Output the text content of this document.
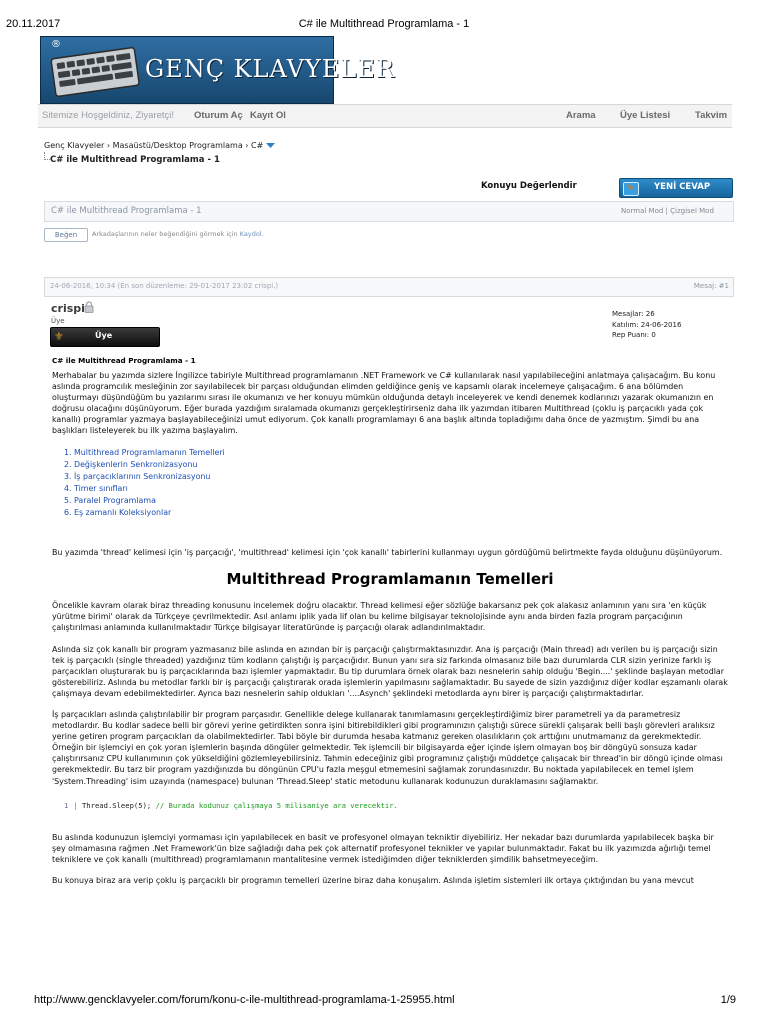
20.11.2017	C# ile Multithread Programlama - 1
®
GENÇ KLAVYELER
Sitemize Hoşgeldiniz, Ziyaretçi! Oturum Aç Kayıt Ol	Arama	Üye Listesi	Takvim
Genç Klavyeler › Masaüstü/Desktop Programlama › C#
C# ile Multithread Programlama - 1
Konuyu Değerlendir	✎	YENİ CEVAP
C# ile Multithread Programlama - 1	Normal Mod | Çizgisel Mod
Beğen	Arkadaşlarının neler beğendiğini görmek için Kaydol.
24-06-2016, 10:34 (En son düzenleme: 29-01-2017 23:02 crispi.)	Mesaj: #1
crispi
Üye
⚜	Üye
Mesajlar: 26
Katılım: 24-06-2016
Rep Puanı: 0

C# ile Multithread Programlama - 1

Merhabalar bu yazımda sizlere İngilizce tabiriyle Multithread programlamanın .NET Framework ve C# kullanılarak nasıl yapılabileceğini anlatmaya çalışacağım. Bu konu aslında programcılık mesleğinin zor sayılabilecek bir parçası olduğundan elimden geldiğince geniş ve kapsamlı olarak incelemeye çalışacağım. 6 ana bölümden oluşturmayı düşündüğüm bu yazılarımı sırası ile okumanızı ve her konuyu mümkün olduğunda detaylı inceleyerek ve kendi denemek kodlarınızı yazarak okumanızın en doğrusu olacağını düşünüyorum. Eğer burada yazdığım sıralamada okumanızı gerçekleştirirseniz daha ilk yazımdan itibaren Multithread (çoklu iş parçacıklı yada çok kanallı) programlar yazmaya başlayabileceğinizi umut ediyorum. Çok kanallı programlamayı 6 ana başlık altında topladığımı daha önce de yazmıştım. Şimdi bu ana başlıkları listeleyerek bu ilk yazıma başlayalım.

1. Multithread Programlamanın Temelleri
2. Değişkenlerin Senkronizasyonu
3. İş parçacıklarının Senkronizasyonu
4. Timer sınıfları
5. Paralel Programlama
6. Eş zamanlı Koleksiyonlar

Bu yazımda 'thread' kelimesi için 'iş parçacığı', 'multithread' kelimesi için 'çok kanallı' tabirlerini kullanmayı uygun gördüğümü belirtmekte fayda olduğunu düşünüyorum.

Multithread Programlamanın Temelleri

Öncelikle kavram olarak biraz threading konusunu incelemek doğru olacaktır. Thread kelimesi eğer sözlüğe bakarsanız pek çok alakasız anlamının yanı sıra 'en küçük yürütme birimi' olarak da Türkçeye çevrilmektedir. Asıl anlamı iplik yada lif olan bu kelime bilgisayar teknolojisinde aynı anda birden fazla program parçacığının çalıştırılması anlamında kullanılmaktadır Türkçe bilgisayar literatüründe iş parçacığı olarak adlandırılmaktadır.

Aslında siz çok kanallı bir program yazmasanız bile aslında en azından bir iş parçacığı çalıştırmaktasınızdır. Ana iş parçacığı (Main thread) adı verilen bu iş parçacığı sizin tek iş parçacıklı (single threaded) yazdığınız tüm kodların çalıştığı iş parçacığıdır. Bunun yanı sıra siz farkında olmasanız bile bazı durumlarda CLR sizin yerinize farklı iş parçacıkları oluşturarak bu iş parçacıklarında bazı işlemler yapmaktadır. Bu tip durumlara örnek olarak bazı nesnelerin sahip olduğu 'Begin....' şeklinde başlayan metodlar gösterebiliriz. Aslında bu metodlar farklı bir iş parçacığı çalıştırarak orada işlemlerin yapılmasını sağlamaktadır. Bu sayede de sizin yazdığınız diğer kodlar eşzamanlı olarak çalışmaya devam edebilmektedirler. Ayrıca bazı nesnelerin sahip oldukları '....Asynch' şeklindeki metodlarda aynı birer iş parçacığı çalıştırmaktadırlar.

İş parçacıkları aslında çalıştırılabilir bir program parçasıdır. Genellikle delege kullanarak tanımlamasını gerçekleştirdiğimiz birer parametreli ya da parametresiz metodlardır. Bu kodlar sadece belli bir görevi yerine getirdikten sonra işini bitirebildikleri gibi programınızın çalıştığı sürece sürekli çalışarak belli başlı görevleri aralıksız yerine getiren program parçacıkları da olabilmektedirler. Tabi böyle bir durumda hesaba katmanız gereken olasılıkların çok arttığını unutmamanız da gerekmektedir. Örneğin bir işlemciyi en çok yoran işlemlerin başında döngüler gelmektedir. Tek işlemcili bir bilgisayarda eğer içinde işlem olmayan boş bir döngüyü sonsuza kadar çalıştırırsanız CPU kullanımının çok yükseldiğini gözlemleyebilirsiniz. Tahmin edeceğiniz gibi programınız çalıştığı müddetçe çalışacak bir thread'in bir döngü içinde olması gerekmektedir. Bu tarz bir program yazdığınızda bu döngünün CPU'u fazla meşgul etmemesini sağlamak zorundasınızdır. Bu noktada yapılabilecek en temel işlem 'System.Threading' isim uzayında (namespace) bulunan 'Thread.Sleep' static metodunu kullanarak kodunuzun duraklamasını sağlamaktır.

1 | Thread.Sleep(5); // Burada kodunuz çalışmaya 5 milisaniye ara verecektir.

Bu aslında kodunuzun işlemciyi yormaması için yapılabilecek en basit ve profesyonel olmayan tekniktir diyebiliriz. Her nekadar bazı durumlarda yapılabilecek başka bir şey olmamasına rağmen .Net Framework'ün bize sağladığı daha pek çok alternatif profesyonel teknikler ve yapılar bulunmaktadır. Fakat bu ilk yazımızda ağırlığı temel tekniklere ve çok kanallı (multithread) programlamanın mantalitesine vermek istediğimden diğer tekniklerden şimdilik bahsetmeyeceğim.

Bu konuya biraz ara verip çoklu iş parçacıklı bir programın temelleri üzerine biraz daha konuşalım. Aslında işletim sistemleri ilk ortaya çıktığından bu yana mevcut

http://www.gencklavyeler.com/forum/konu-c-ile-multithread-programlama-1-25955.html	1/9
